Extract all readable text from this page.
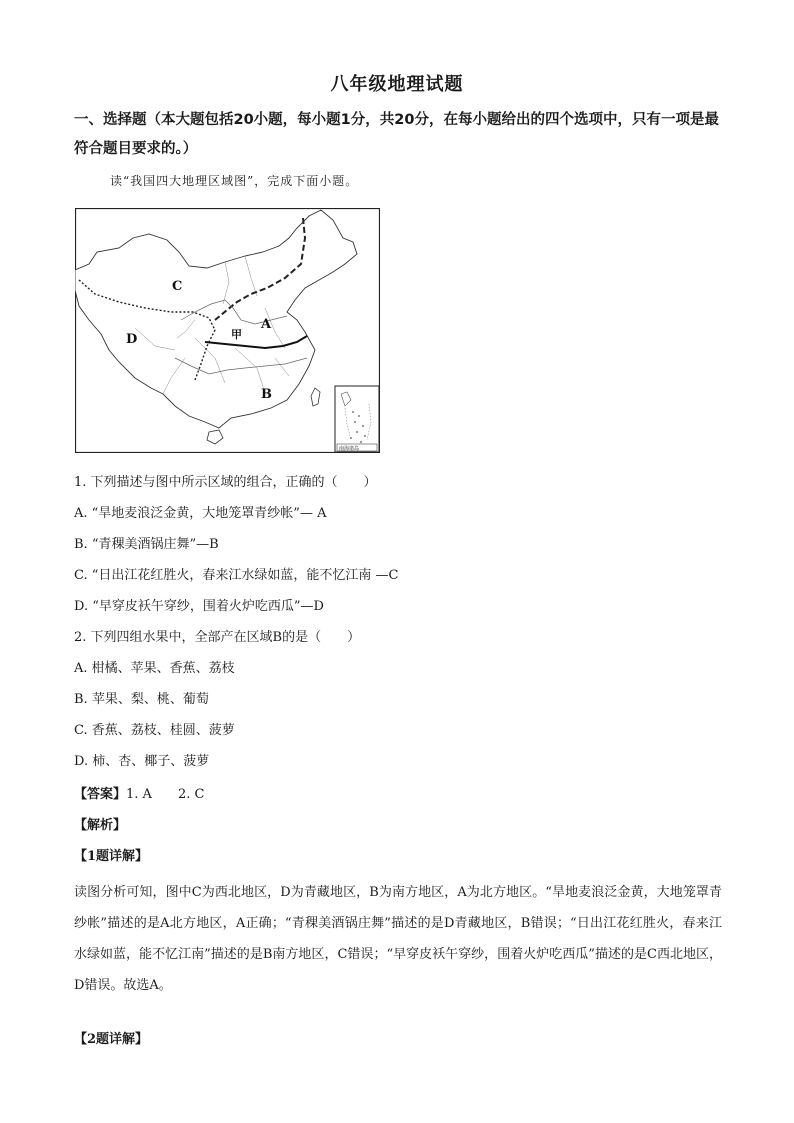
八年级地理试题
一、选择题（本大题包括20小题，每小题1分，共20分，在每小题给出的四个选项中，只有一项是最符合题目要求的。）
读“我国四大地理区域图”，完成下面小题。
C
D
A
B
甲
南海诸岛
1. 下列描述与图中所示区域的组合，正确的（　　）
A. “旱地麦浪泛金黄，大地笼罩青纱帐”— A
B. “青稞美酒锅庄舞”—B
C. “日出江花红胜火，春来江水绿如蓝，能不忆江南 —C
D. “早穿皮袄午穿纱，围着火炉吃西瓜”—D
2. 下列四组水果中，全部产在区域B的是（　　）
A. 柑橘、苹果、香蕉、荔枝
B. 苹果、梨、桃、葡萄
C. 香蕉、荔枝、桂圆、菠萝
D. 柿、杏、椰子、菠萝
【答案】1. A　　2. C
【解析】
【1题详解】
读图分析可知，图中C为西北地区，D为青藏地区，B为南方地区，A为北方地区。“旱地麦浪泛金黄，大地笼罩青纱帐”描述的是A北方地区，A正确；“青稞美酒锅庄舞”描述的是D青藏地区，B错误；“日出江花红胜火，春来江水绿如蓝，能不忆江南”描述的是B南方地区，C错误；“早穿皮袄午穿纱，围着火炉吃西瓜”描述的是C西北地区，D错误。故选A。
【2题详解】
